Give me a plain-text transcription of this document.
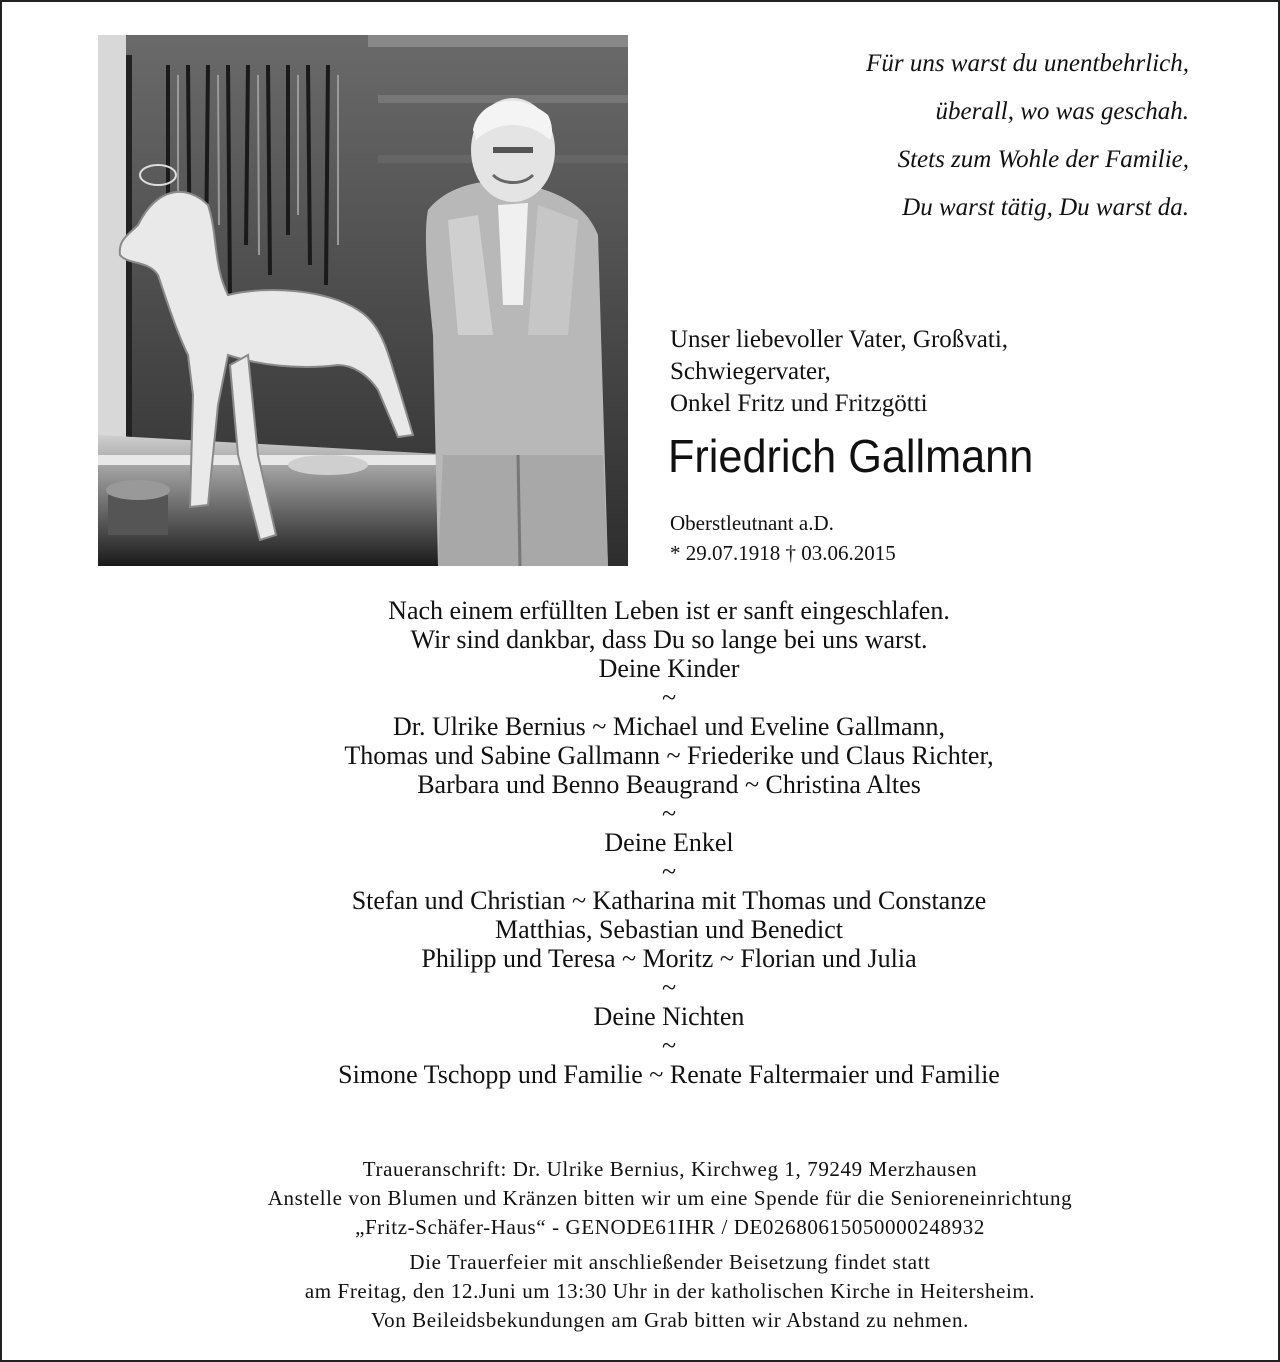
Für uns warst du unentbehrlich,
überall, wo was geschah.
Stets zum Wohle der Familie,
Du warst tätig, Du warst da.
Unser liebevoller Vater, Großvati,
Schwiegervater,
Onkel Fritz und Fritzgötti
Friedrich Gallmann
Oberstleutnant a.D.
* 29.07.1918 † 03.06.2015
Nach einem erfüllten Leben ist er sanft eingeschlafen.
Wir sind dankbar, dass Du so lange bei uns warst.
Deine Kinder
~
Dr. Ulrike Bernius ~ Michael und Eveline Gallmann,
Thomas und Sabine Gallmann ~ Friederike und Claus Richter,
Barbara und Benno Beaugrand ~ Christina Altes
~
Deine Enkel
~
Stefan und Christian ~ Katharina mit Thomas und Constanze
Matthias, Sebastian und Benedict
Philipp und Teresa ~ Moritz ~ Florian und Julia
~
Deine Nichten
~
Simone Tschopp und Familie ~ Renate Faltermaier und Familie
Traueranschrift: Dr. Ulrike Bernius, Kirchweg 1, 79249 Merzhausen
Anstelle von Blumen und Kränzen bitten wir um eine Spende für die Senioreneinrichtung
„Fritz-Schäfer-Haus“ - GENODE61IHR / DE02680615050000248932
Die Trauerfeier mit anschließender Beisetzung findet statt
am Freitag, den 12.Juni um 13:30 Uhr in der katholischen Kirche in Heitersheim.
Von Beileidsbekundungen am Grab bitten wir Abstand zu nehmen.
